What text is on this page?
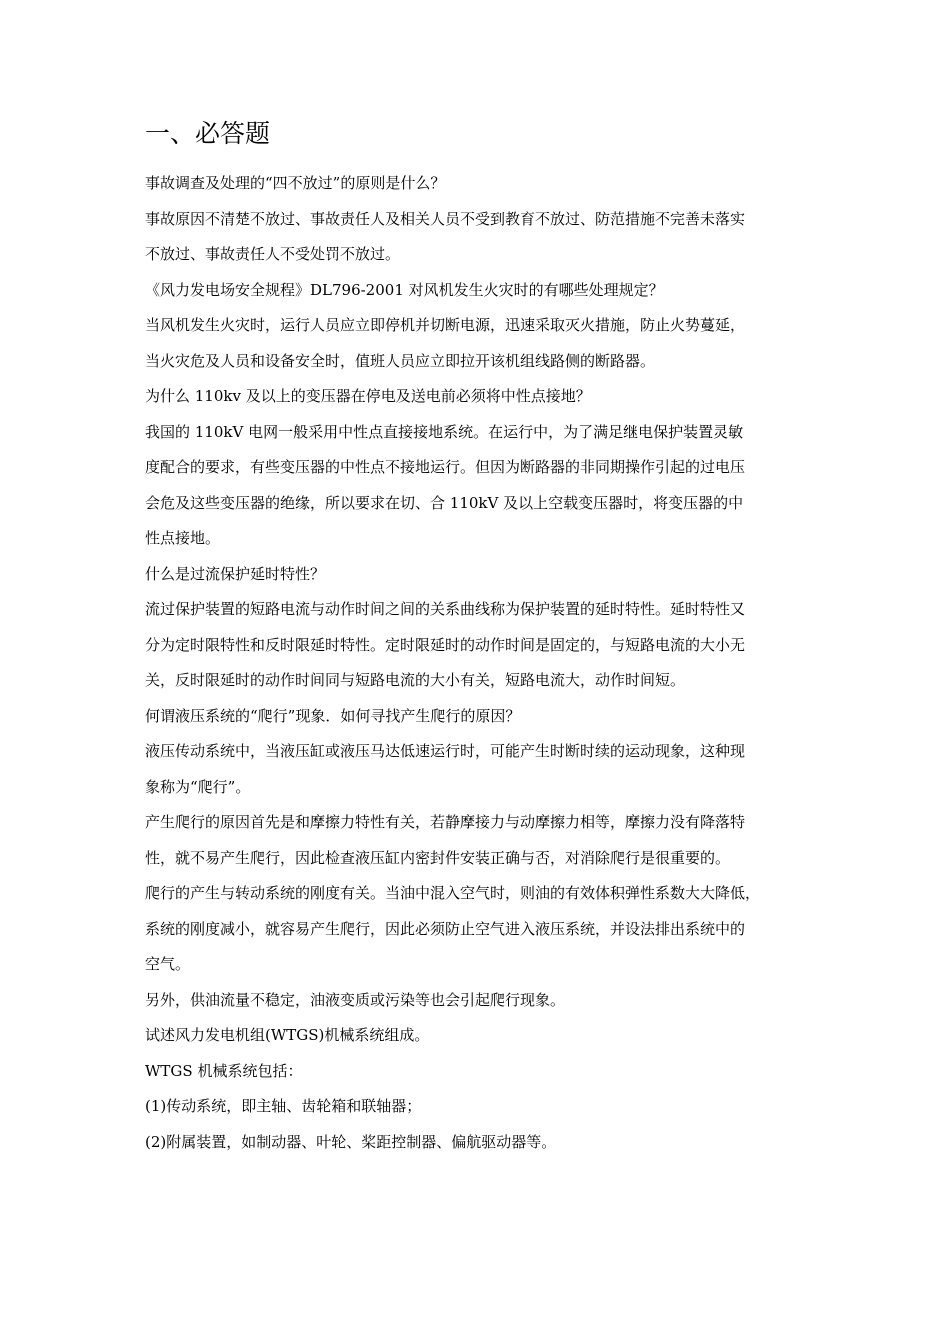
一、必答题

事故调查及处理的“四不放过”的原则是什么？

事故原因不清楚不放过、事故责任人及相关人员不受到教育不放过、防范措施不完善未落实

不放过、事故责任人不受处罚不放过。

《风力发电场安全规程》DL796-2001 对风机发生火灾时的有哪些处理规定？

当风机发生火灾时，运行人员应立即停机并切断电源，迅速采取灭火措施，防止火势蔓延，

当火灾危及人员和设备安全时，值班人员应立即拉开该机组线路侧的断路器。

为什么 110kv 及以上的变压器在停电及送电前必须将中性点接地？

我国的 110kV 电网一般采用中性点直接接地系统。在运行中，为了满足继电保护装置灵敏

度配合的要求，有些变压器的中性点不接地运行。但因为断路器的非同期操作引起的过电压

会危及这些变压器的绝缘，所以要求在切、合 110kV 及以上空载变压器时，将变压器的中

性点接地。

什么是过流保护延时特性？

流过保护装置的短路电流与动作时间之间的关系曲线称为保护装置的延时特性。延时特性又

分为定时限特性和反时限延时特性。定时限延时的动作时间是固定的，与短路电流的大小无

关，反时限延时的动作时间同与短路电流的大小有关，短路电流大，动作时间短。

何谓液压系统的“爬行”现象．如何寻找产生爬行的原因？

液压传动系统中，当液压缸或液压马达低速运行时，可能产生时断时续的运动现象，这种现

象称为“爬行”。

产生爬行的原因首先是和摩擦力特性有关，若静摩接力与动摩擦力相等，摩擦力没有降落特

性，就不易产生爬行，因此检查液压缸内密封件安装正确与否，对消除爬行是很重要的。

爬行的产生与转动系统的刚度有关。当油中混入空气时，则油的有效体积弹性系数大大降低，

系统的刚度减小，就容易产生爬行，因此必须防止空气进入液压系统，并设法排出系统中的

空气。

另外，供油流量不稳定，油液变质或污染等也会引起爬行现象。

试述风力发电机组(WTGS)机械系统组成。

WTGS 机械系统包括：

(1)传动系统，即主轴、齿轮箱和联轴器；

(2)附属装置，如制动器、叶轮、桨距控制器、偏航驱动器等。
